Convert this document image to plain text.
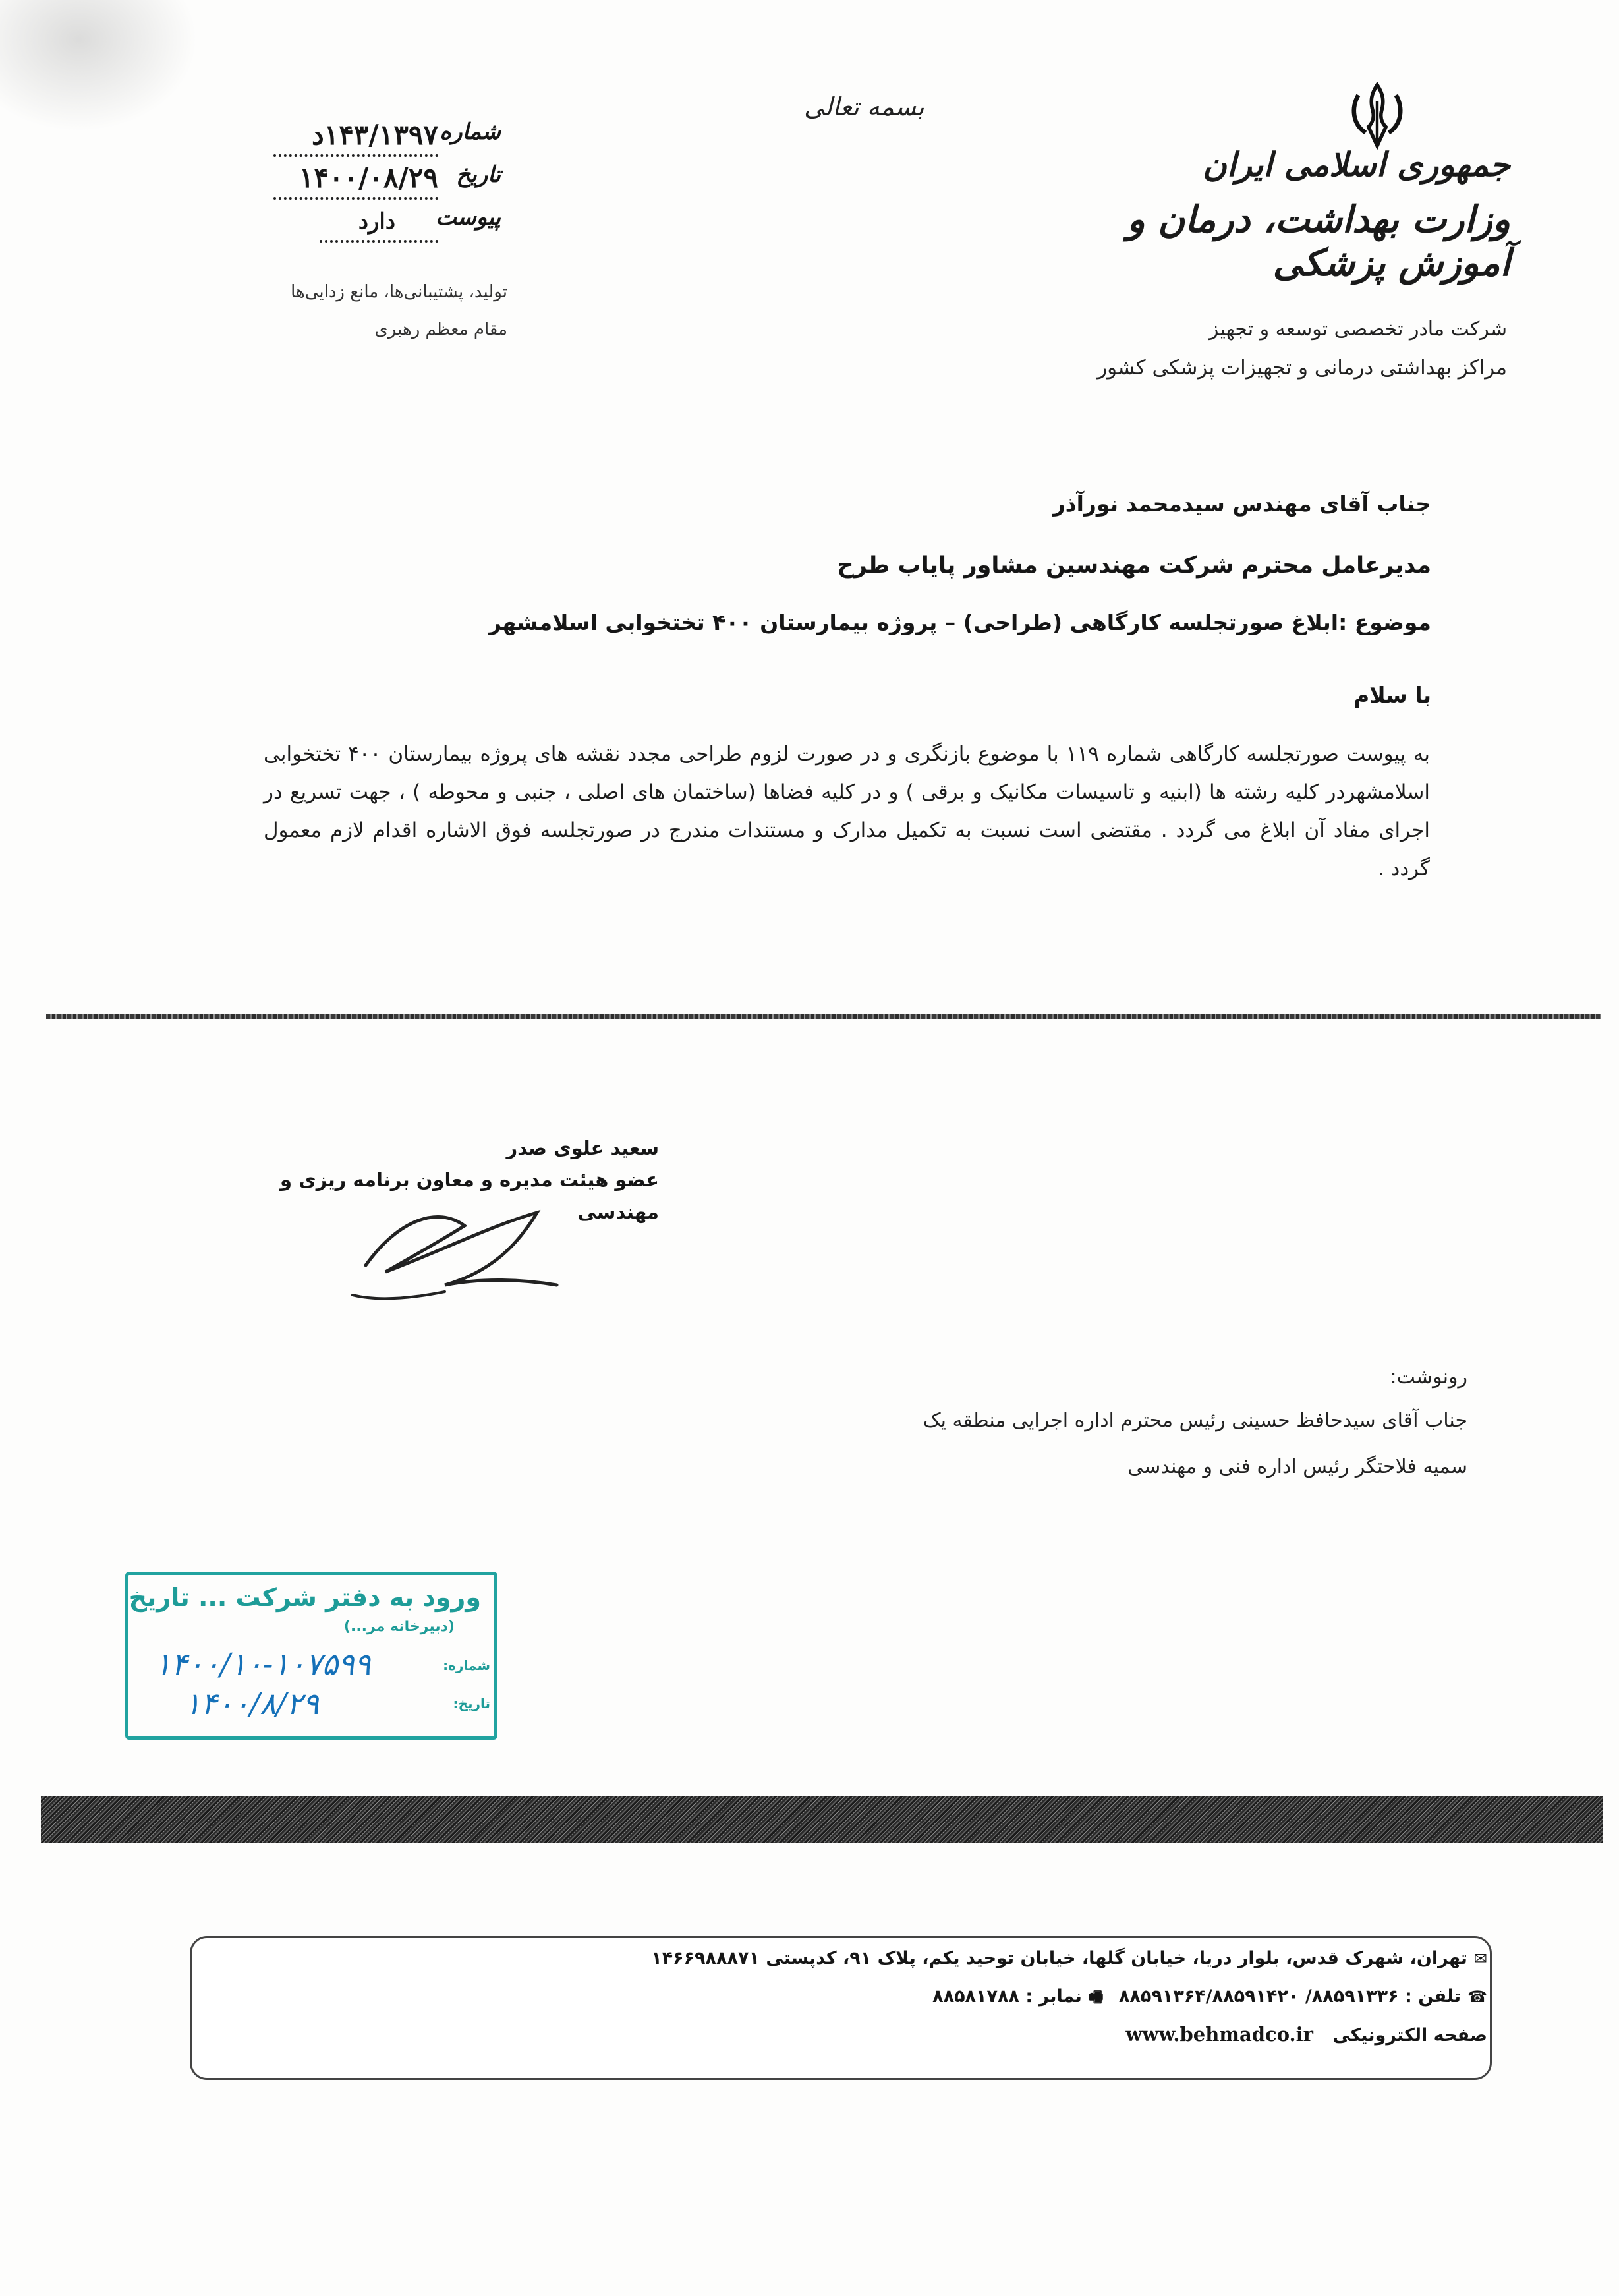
جمهوری اسلامی ایران
وزارت بهداشت، درمان و آموزش پزشکی
شرکت مادر تخصصی توسعه و تجهیز
مراکز بهداشتی درمانی و تجهیزات پزشکی کشور
بسمه تعالی
شماره
۱۴۳/۱۳۹۷د
تاریخ
۱۴۰۰/۰۸/۲۹
پیوست
دارد
تولید، پشتیبانی‌ها، مانع زدایی‌ها
مقام معظم رهبری
جناب آقای مهندس سیدمحمد نورآذر
مدیرعامل محترم شرکت مهندسین مشاور پایاب طرح
موضوع :ابلاغ صورتجلسه کارگاهی (طراحی) – پروژه بیمارستان ۴۰۰ تختخوابی اسلامشهر
با سلام
به پیوست صورتجلسه کارگاهی شماره ۱۱۹ با موضوع بازنگری و در صورت لزوم طراحی مجدد نقشه های پروژه بیمارستان ۴۰۰ تختخوابی اسلامشهردر کلیه رشته ها (ابنیه و تاسیسات مکانیک و برقی ) و در کلیه فضاها (ساختمان های اصلی ، جنبی و محوطه ) ، جهت تسریع در اجرای مفاد آن ابلاغ می گردد . مقتضی است نسبت به تکمیل مدارک و مستندات مندرج در صورتجلسه فوق الاشاره اقدام لازم معمول گردد .
سعید علوی صدر
عضو هیئت مدیره و معاون برنامه ریزی و
مهندسی
رونوشت:
جناب آقای سیدحافظ حسینی رئیس محترم اداره اجرایی منطقه یک
سمیه فلاحتگر رئیس اداره فنی و مهندسی
ورود به دفتر شرکت ... تاریخ
(دبیرخانه مر...)
شماره:
تاریخ:
۱۴۰۰/۱۰-۱۰۷۵۹۹
۱۴۰۰/۸/۲۹
✉تهران، شهرک قدس، بلوار دریا، خیابان گلها، خیابان توحید یکم، پلاک ۹۱، کدپستی ۱۴۶۶۹۸۸۸۷۱
☎تلفن : ۸۸۵۹۱۳۳۶/ ۸۸۵۹۱۳۶۴/۸۸۵۹۱۴۲۰ 🖷نمابر : ۸۸۵۸۱۷۸۸
صفحه الکترونیکی www.behmadco.ir
